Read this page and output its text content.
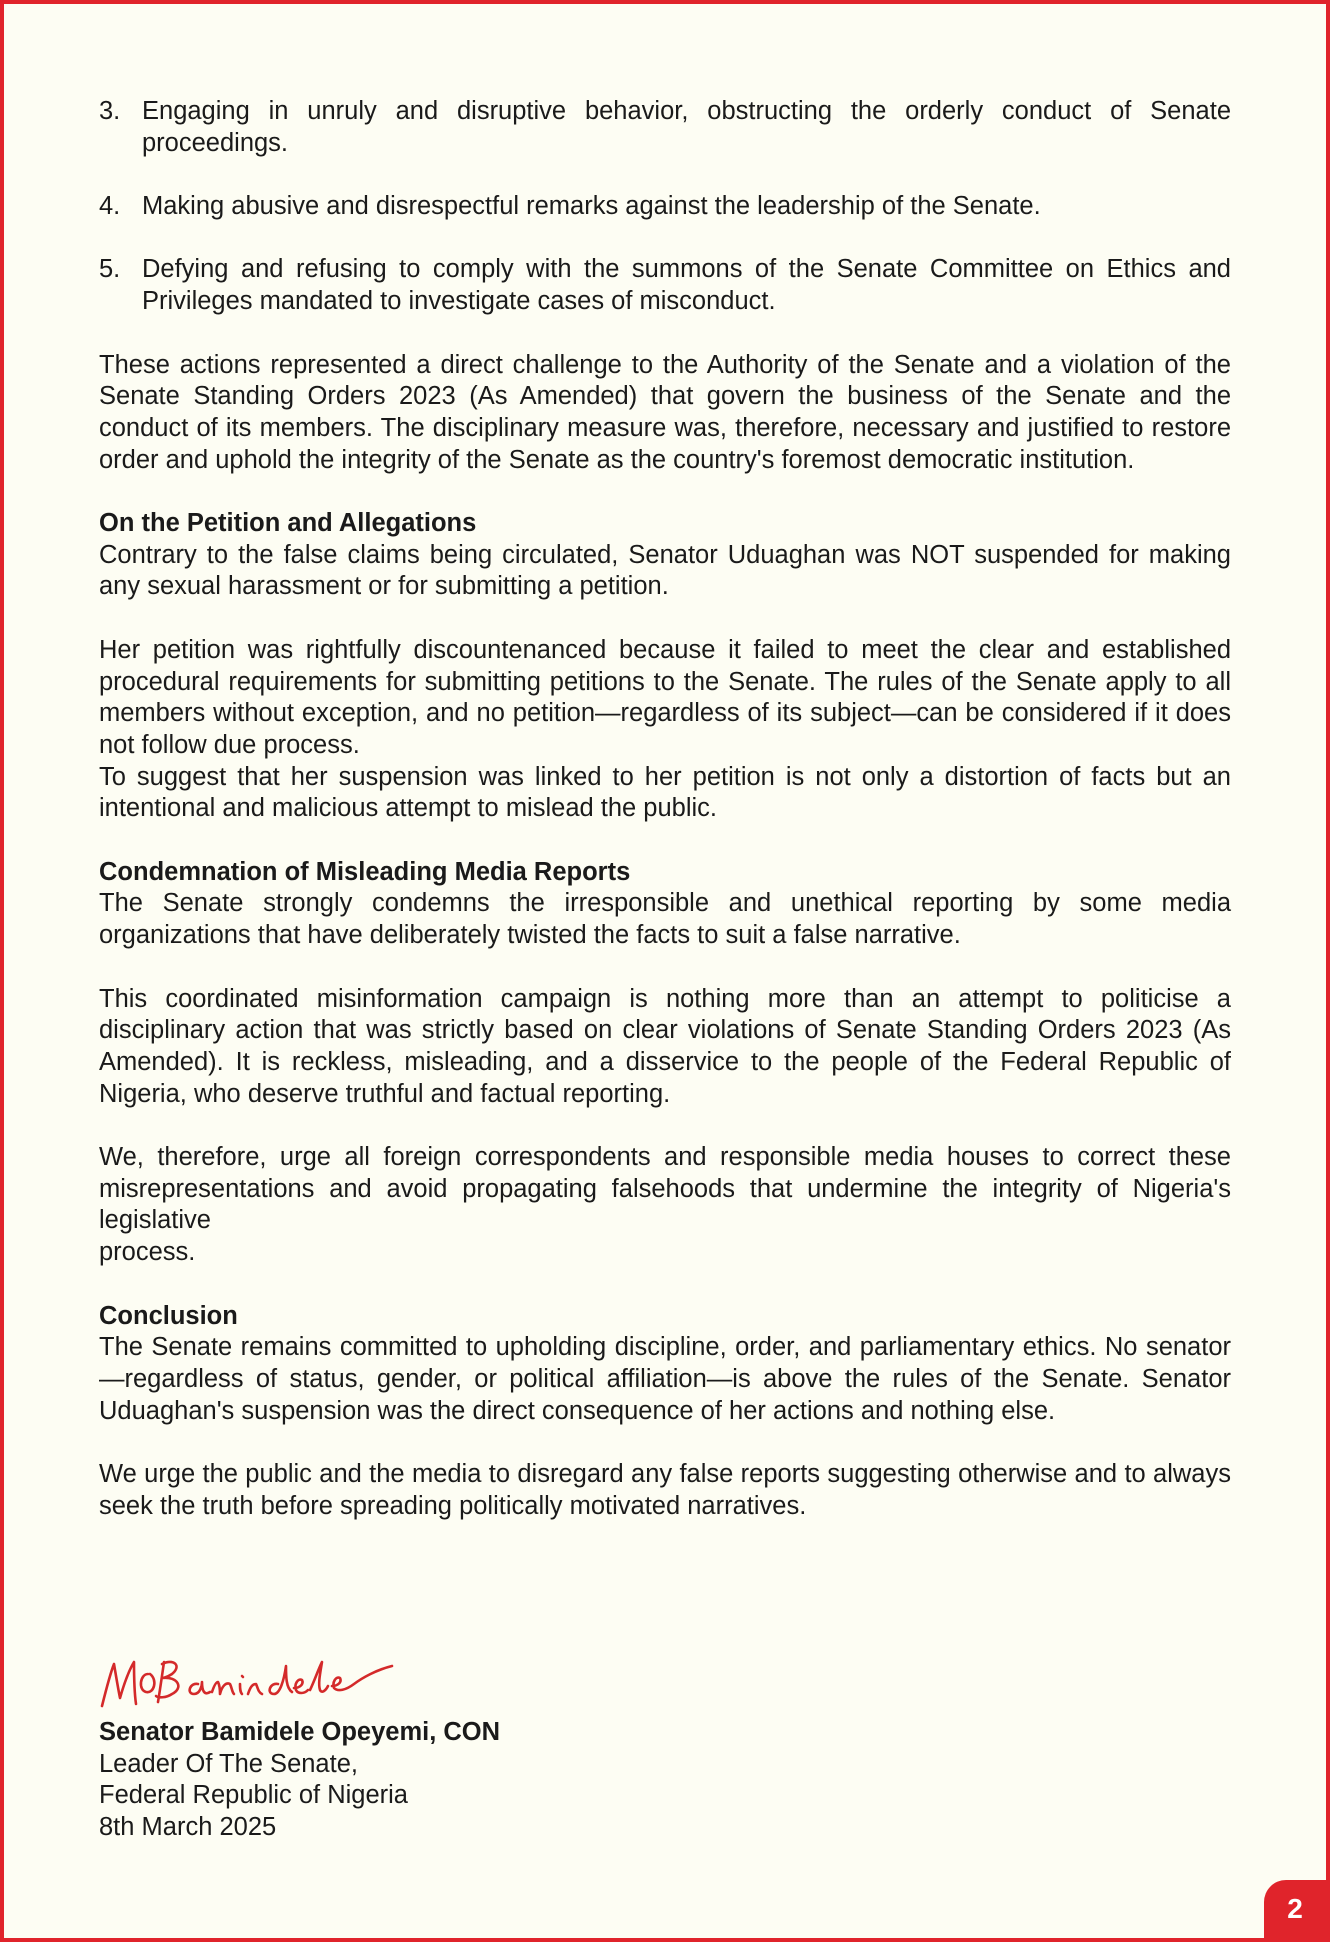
3. Engaging in unruly and disruptive behavior, obstructing the orderly conduct of Senate proceedings.
4. Making abusive and disrespectful remarks against the leadership of the Senate.
5. Defying and refusing to comply with the summons of the Senate Committee on Ethics and Privileges mandated to investigate cases of misconduct.

These actions represented a direct challenge to the Authority of the Senate and a violation of the Senate Standing Orders 2023 (As Amended) that govern the business of the Senate and the conduct of its members. The disciplinary measure was, therefore, necessary and justified to restore order and uphold the integrity of the Senate as the country's foremost democratic institution.

On the Petition and Allegations

Contrary to the false claims being circulated, Senator Uduaghan was NOT suspended for making any sexual harassment or for submitting a petition.

Her petition was rightfully discountenanced because it failed to meet the clear and established procedural requirements for submitting petitions to the Senate. The rules of the Senate apply to all members without exception, and no petition—regardless of its subject—can be considered if it does not follow due process.

To suggest that her suspension was linked to her petition is not only a distortion of facts but an intentional and malicious attempt to mislead the public.

Condemnation of Misleading Media Reports

The Senate strongly condemns the irresponsible and unethical reporting by some media organizations that have deliberately twisted the facts to suit a false narrative.

This coordinated misinformation campaign is nothing more than an attempt to politicise a disciplinary action that was strictly based on clear violations of Senate Standing Orders 2023 (As Amended). It is reckless, misleading, and a disservice to the people of the Federal Republic of Nigeria, who deserve truthful and factual reporting.

We, therefore, urge all foreign correspondents and responsible media houses to correct these misrepresentations and avoid propagating falsehoods that undermine the integrity of Nigeria's legislative

process.

Conclusion

The Senate remains committed to upholding discipline, order, and parliamentary ethics. No senator—regardless of status, gender, or political affiliation—is above the rules of the Senate. Senator Uduaghan's suspension was the direct consequence of her actions and nothing else.

We urge the public and the media to disregard any false reports suggesting otherwise and to always seek the truth before spreading politically motivated narratives.

Senator Bamidele Opeyemi, CON
Leader Of The Senate,
Federal Republic of Nigeria
8th March 2025
2
